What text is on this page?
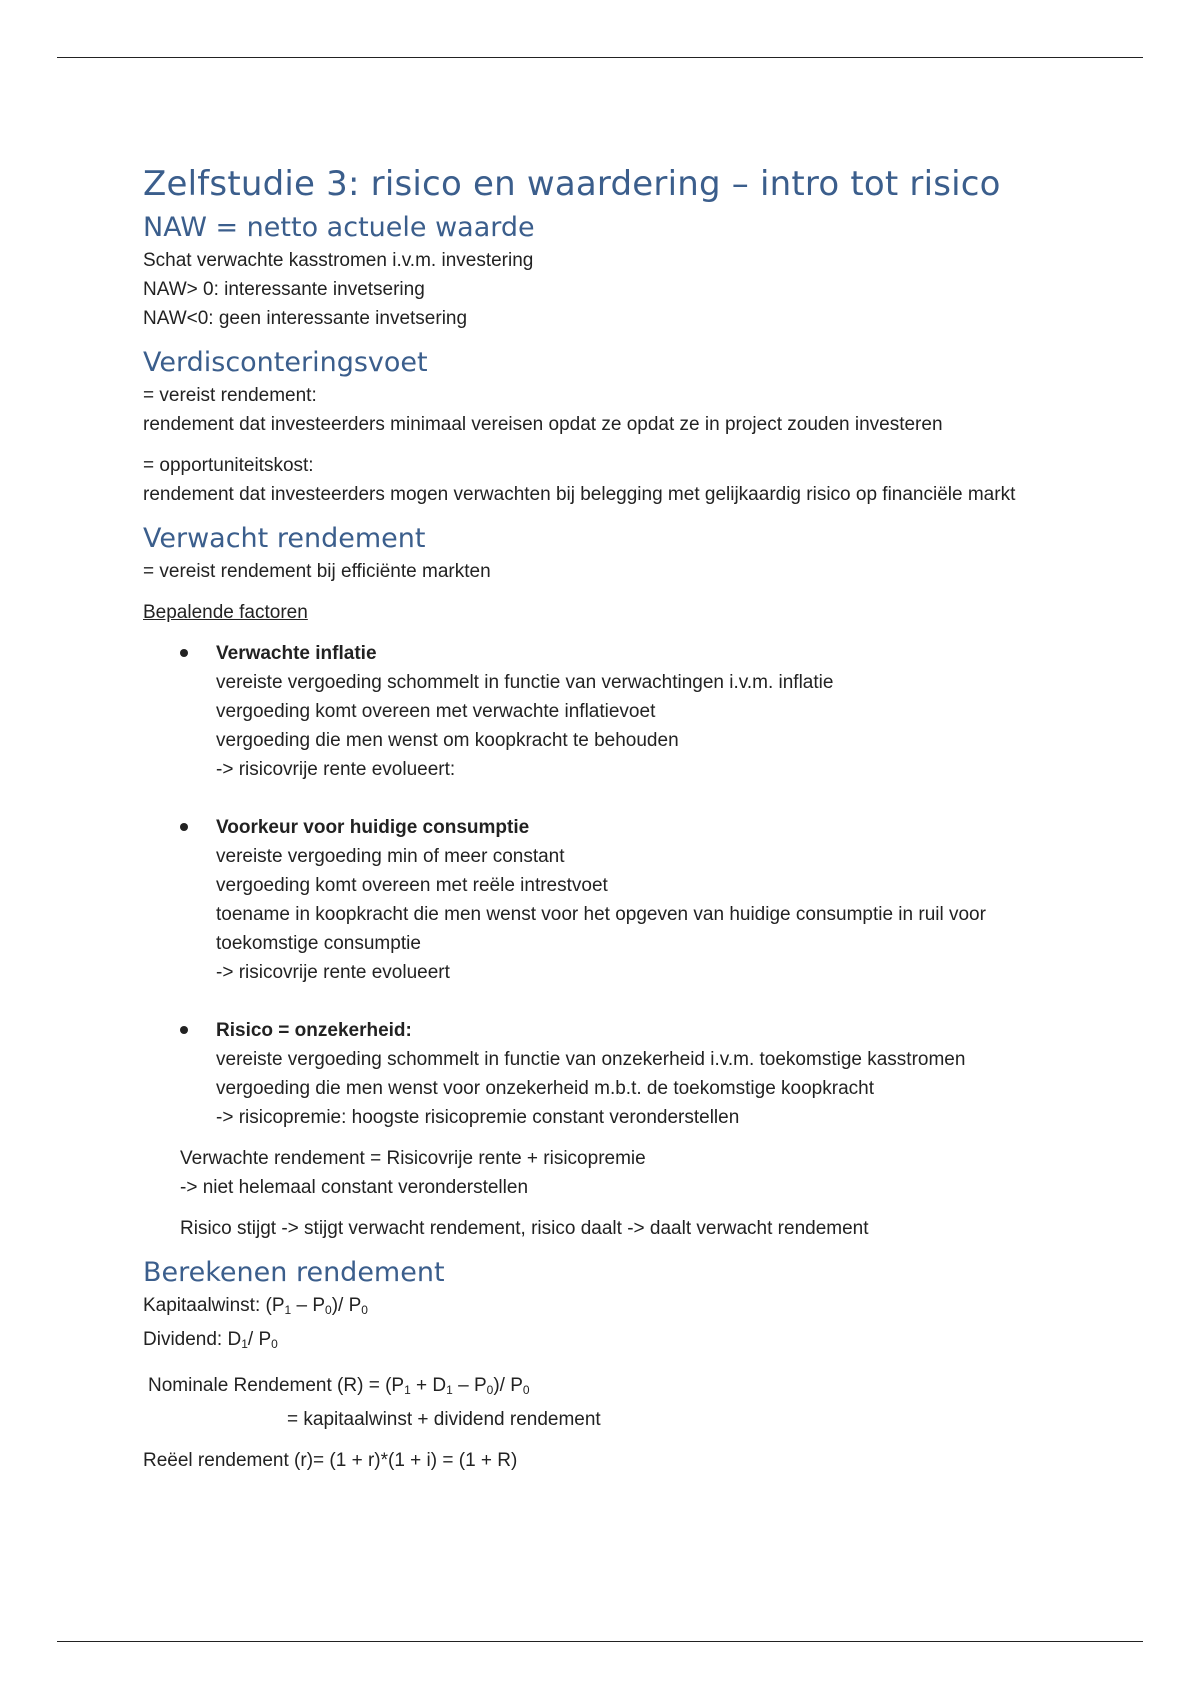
Zelfstudie 3: risico en waardering – intro tot risico
NAW = netto actuele waarde

Schat verwachte kasstromen i.v.m. investering

NAW> 0: interessante invetsering

NAW<0: geen interessante invetsering

Verdisconteringsvoet

= vereist rendement:

rendement dat investeerders minimaal vereisen opdat ze opdat ze in project zouden investeren

= opportuniteitskost:

rendement dat investeerders mogen verwachten bij belegging met gelijkaardig risico op financiële markt

Verwacht rendement

= vereist rendement bij efficiënte markten

Bepalende factoren

Verwachte inflatie

vereiste vergoeding schommelt in functie van verwachtingen i.v.m. inflatie

vergoeding komt overeen met verwachte inflatievoet

vergoeding die men wenst om koopkracht te behouden

-> risicovrije rente evolueert:

Voorkeur voor huidige consumptie

vereiste vergoeding min of meer constant

vergoeding komt overeen met reële intrestvoet

toename in koopkracht die men wenst voor het opgeven van huidige consumptie in ruil voor toekomstige consumptie

-> risicovrije rente evolueert

Risico = onzekerheid:

vereiste vergoeding schommelt in functie van onzekerheid i.v.m. toekomstige kasstromen

vergoeding die men wenst voor onzekerheid m.b.t. de toekomstige koopkracht

-> risicopremie: hoogste risicopremie constant veronderstellen

Verwachte rendement = Risicovrije rente + risicopremie

-> niet helemaal constant veronderstellen

Risico stijgt -> stijgt verwacht rendement, risico daalt -> daalt verwacht rendement

Berekenen rendement

Kapitaalwinst: $(P_1 - P_0)/$ $P_0$

Dividend: $D_1/$ $P_0$

Nominale Rendement $(R) = (P_1 + D_1 - P_0)/$ $P_0$

= kapitaalwinst + dividend rendement

Reëel rendement (r)= (1 + r)*(1 + i) = (1 + R)
